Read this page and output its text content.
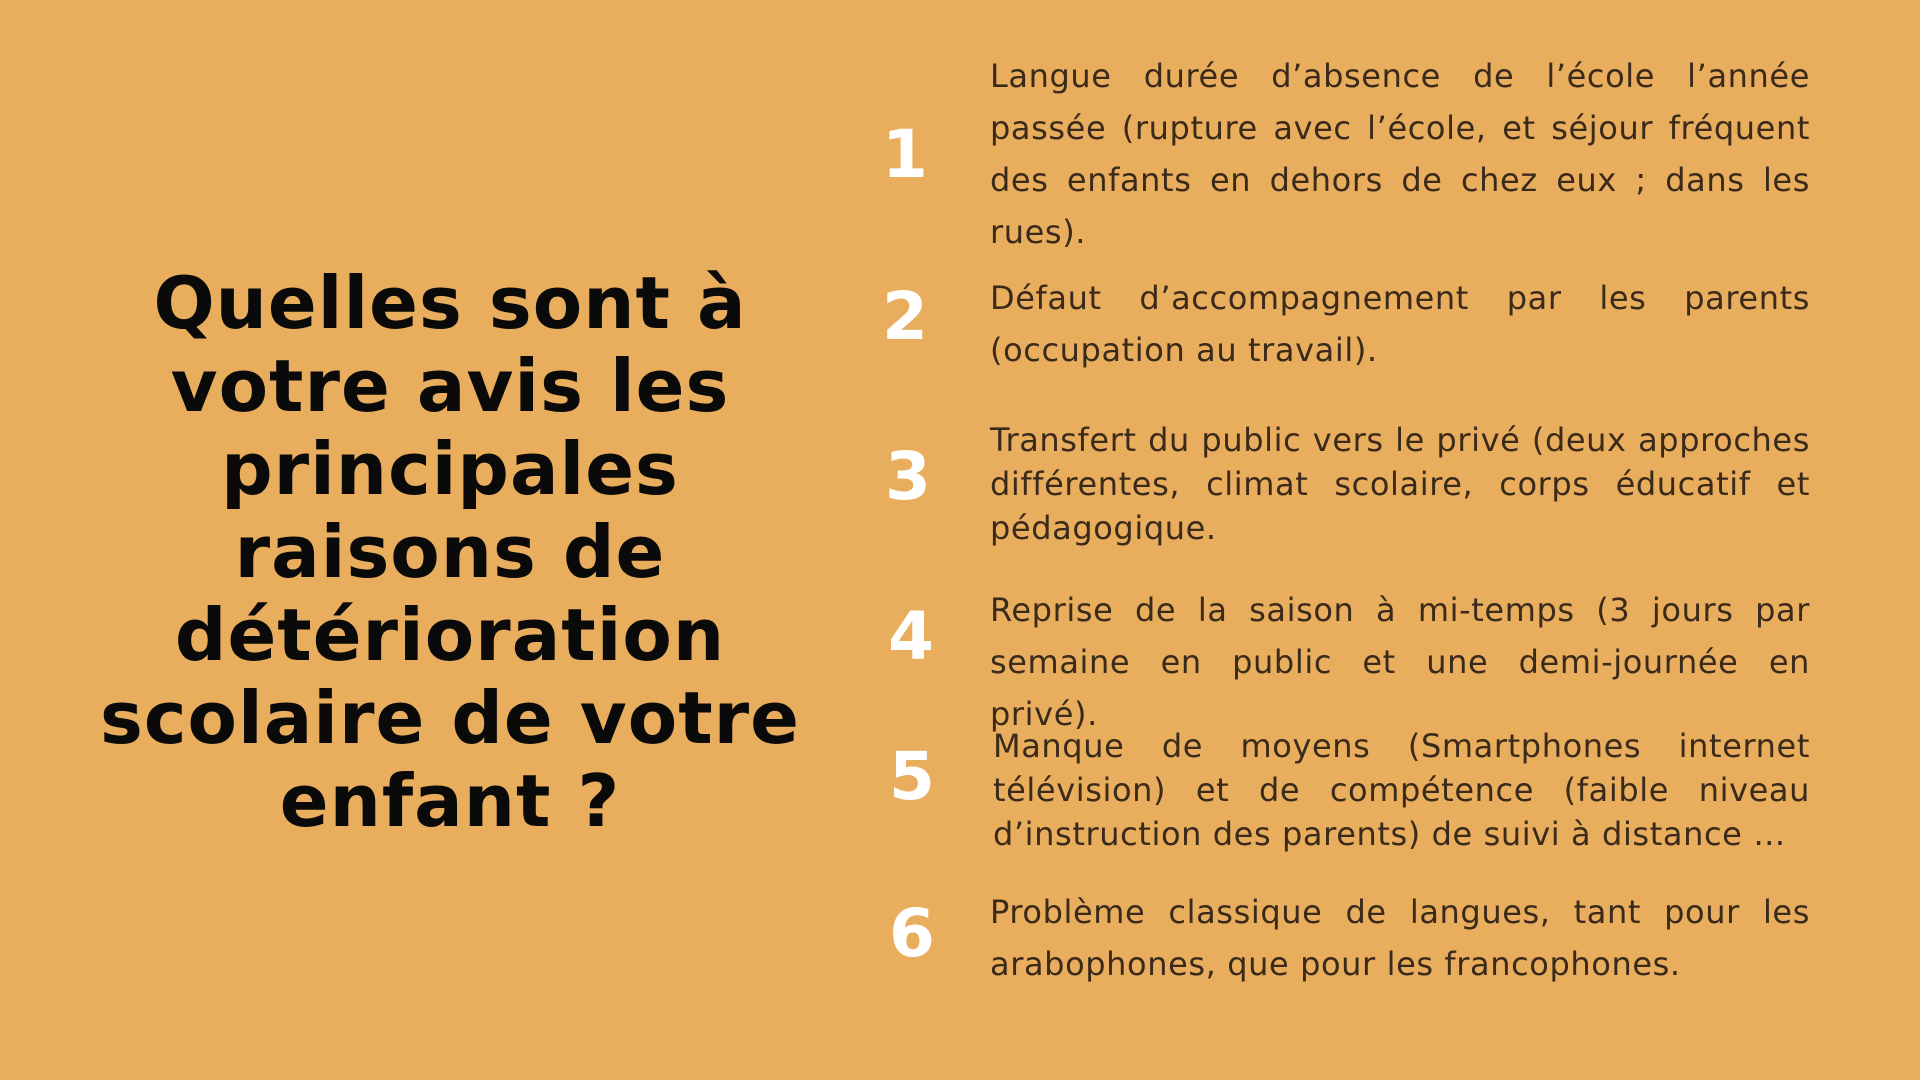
Quelles sont à votre avis les principales raisons de détérioration scolaire de votre enfant ?
1

Langue durée d’absence de l’école l’année passée (rupture avec l’école, et séjour fréquent des enfants en dehors de chez eux ; dans les rues).

2	Défaut d’accompagnement par les parents (occupation au travail).

3	Transfert du public vers le privé (deux approches différentes, climat scolaire, corps éducatif et pédagogique.

4	Reprise de la saison à mi-temps (3 jours par semaine en public et une demi-journée en privé).

5	Manque de moyens (Smartphones internet télévision) et de compétence (faible niveau d’instruction des parents) de suivi à distance …

6	Problème classique de langues, tant pour les arabophones, que pour les francophones.
